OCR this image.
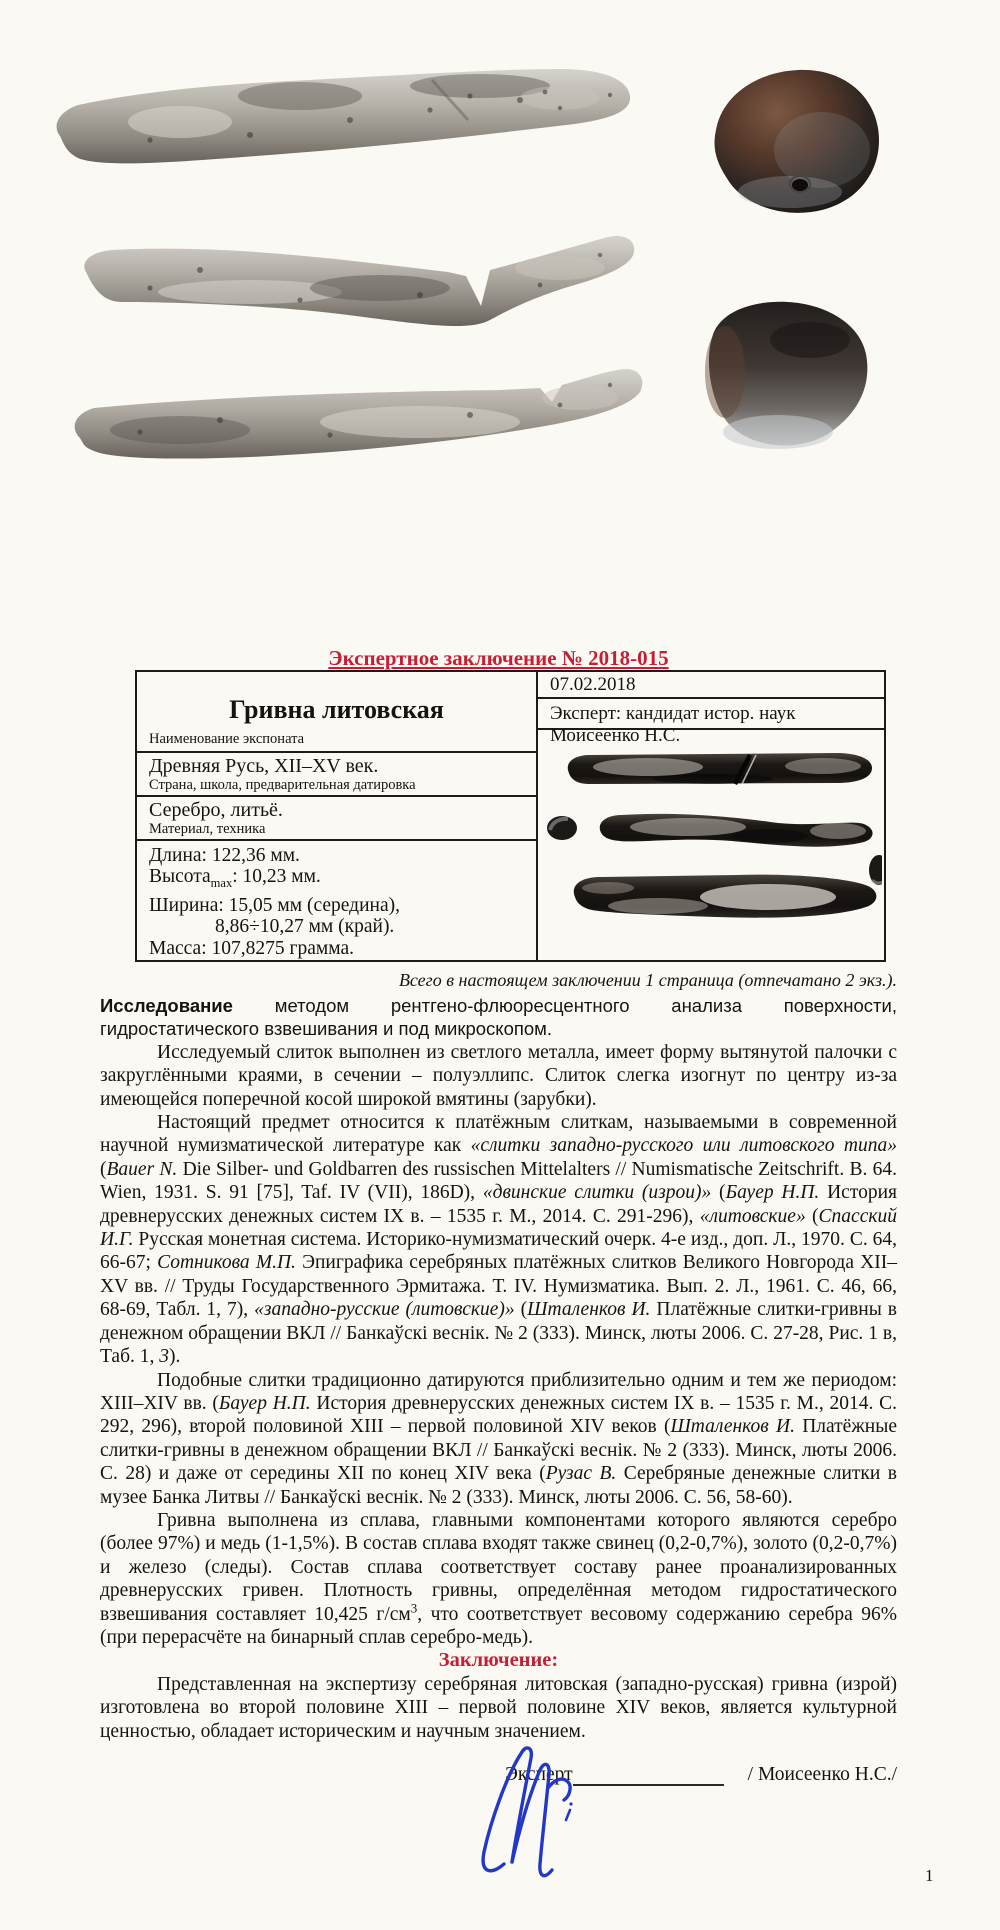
Экспертное заключение № 2018-015
Гривна литовская
Наименование экспоната
Древняя Русь, XII–XV век.
Страна, школа, предварительная датировка
Серебро, литьё.
Материал, техника
Длина: 122,36 мм.
Высота$_{max}$: 10,23 мм.
Ширина: 15,05 мм (середина),
8,86÷10,27 мм (край).
Масса: 107,8275 грамма.
07.02.2018
Эксперт: кандидат истор. наук Моисеенко Н.С.
Всего в настоящем заключении 1 страница (отпечатано 2 экз.).

Исследование методом рентгено-флюоресцентного анализа поверхности, гидростатического взвешивания и под микроскопом.

Исследуемый слиток выполнен из светлого металла, имеет форму вытянутой палочки с закруглёнными краями, в сечении – полуэллипс. Слиток слегка изогнут по центру из-за имеющейся поперечной косой широкой вмятины (зарубки).

Настоящий предмет относится к платёжным слиткам, называемыми в современной научной нумизматической литературе как «слитки западно-русского или литовского типа» (Bauer N. Die Silber- und Goldbarren des russischen Mittelalters // Numismatische Zeitschrift. B. 64. Wien, 1931. S. 91 [75], Taf. IV (VII), 186D), «двинские слитки (изрои)» (Бауер Н.П. История древнерусских денежных систем IX в. – 1535 г. М., 2014. С. 291-296), «литовские» (Спасский И.Г. Русская монетная система. Историко-нумизматический очерк. 4-е изд., доп. Л., 1970. С. 64, 66-67; Сотникова М.П. Эпиграфика серебряных платёжных слитков Великого Новгорода XII–XV вв. // Труды Государственного Эрмитажа. Т. IV. Нумизматика. Вып. 2. Л., 1961. С. 46, 66, 68-69, Табл. 1, 7), «западно-русские (литовские)» (Шталенков И. Платёжные слитки-гривны в денежном обращении ВКЛ // Банкаўскі веснік. № 2 (333). Минск, люты 2006. С. 27-28, Рис. 1 в, Таб. 1, 3).

Подобные слитки традиционно датируются приблизительно одним и тем же периодом: XIII–XIV вв. (Бауер Н.П. История древнерусских денежных систем IX в. – 1535 г. М., 2014. С. 292, 296), второй половиной XIII – первой половиной XIV веков (Шталенков И. Платёжные слитки-гривны в денежном обращении ВКЛ // Банкаўскі веснік. № 2 (333). Минск, люты 2006. С. 28) и даже от середины XII по конец XIV века (Рузас В. Серебряные денежные слитки в музее Банка Литвы // Банкаўскі веснік. № 2 (333). Минск, люты 2006. С. 56, 58-60).

Гривна выполнена из сплава, главными компонентами которого являются серебро (более 97%) и медь (1-1,5%). В состав сплава входят также свинец (0,2-0,7%), золото (0,2-0,7%) и железо (следы). Состав сплава соответствует составу ранее проанализированных древнерусских гривен. Плотность гривны, определённая методом гидростатического взвешивания составляет 10,425 $г/см^3$, что соответствует весовому содержанию серебра 96% (при перерасчёте на бинарный сплав серебро-медь).

Заключение:

Представленная на экспертизу серебряная литовская (западно-русская) гривна (изрой) изготовлена во второй половине XIII – первой половине XIV веков, является культурной ценностью, обладает историческим и научным значением.

Эксперт	/ Моисеенко Н.С./
1
